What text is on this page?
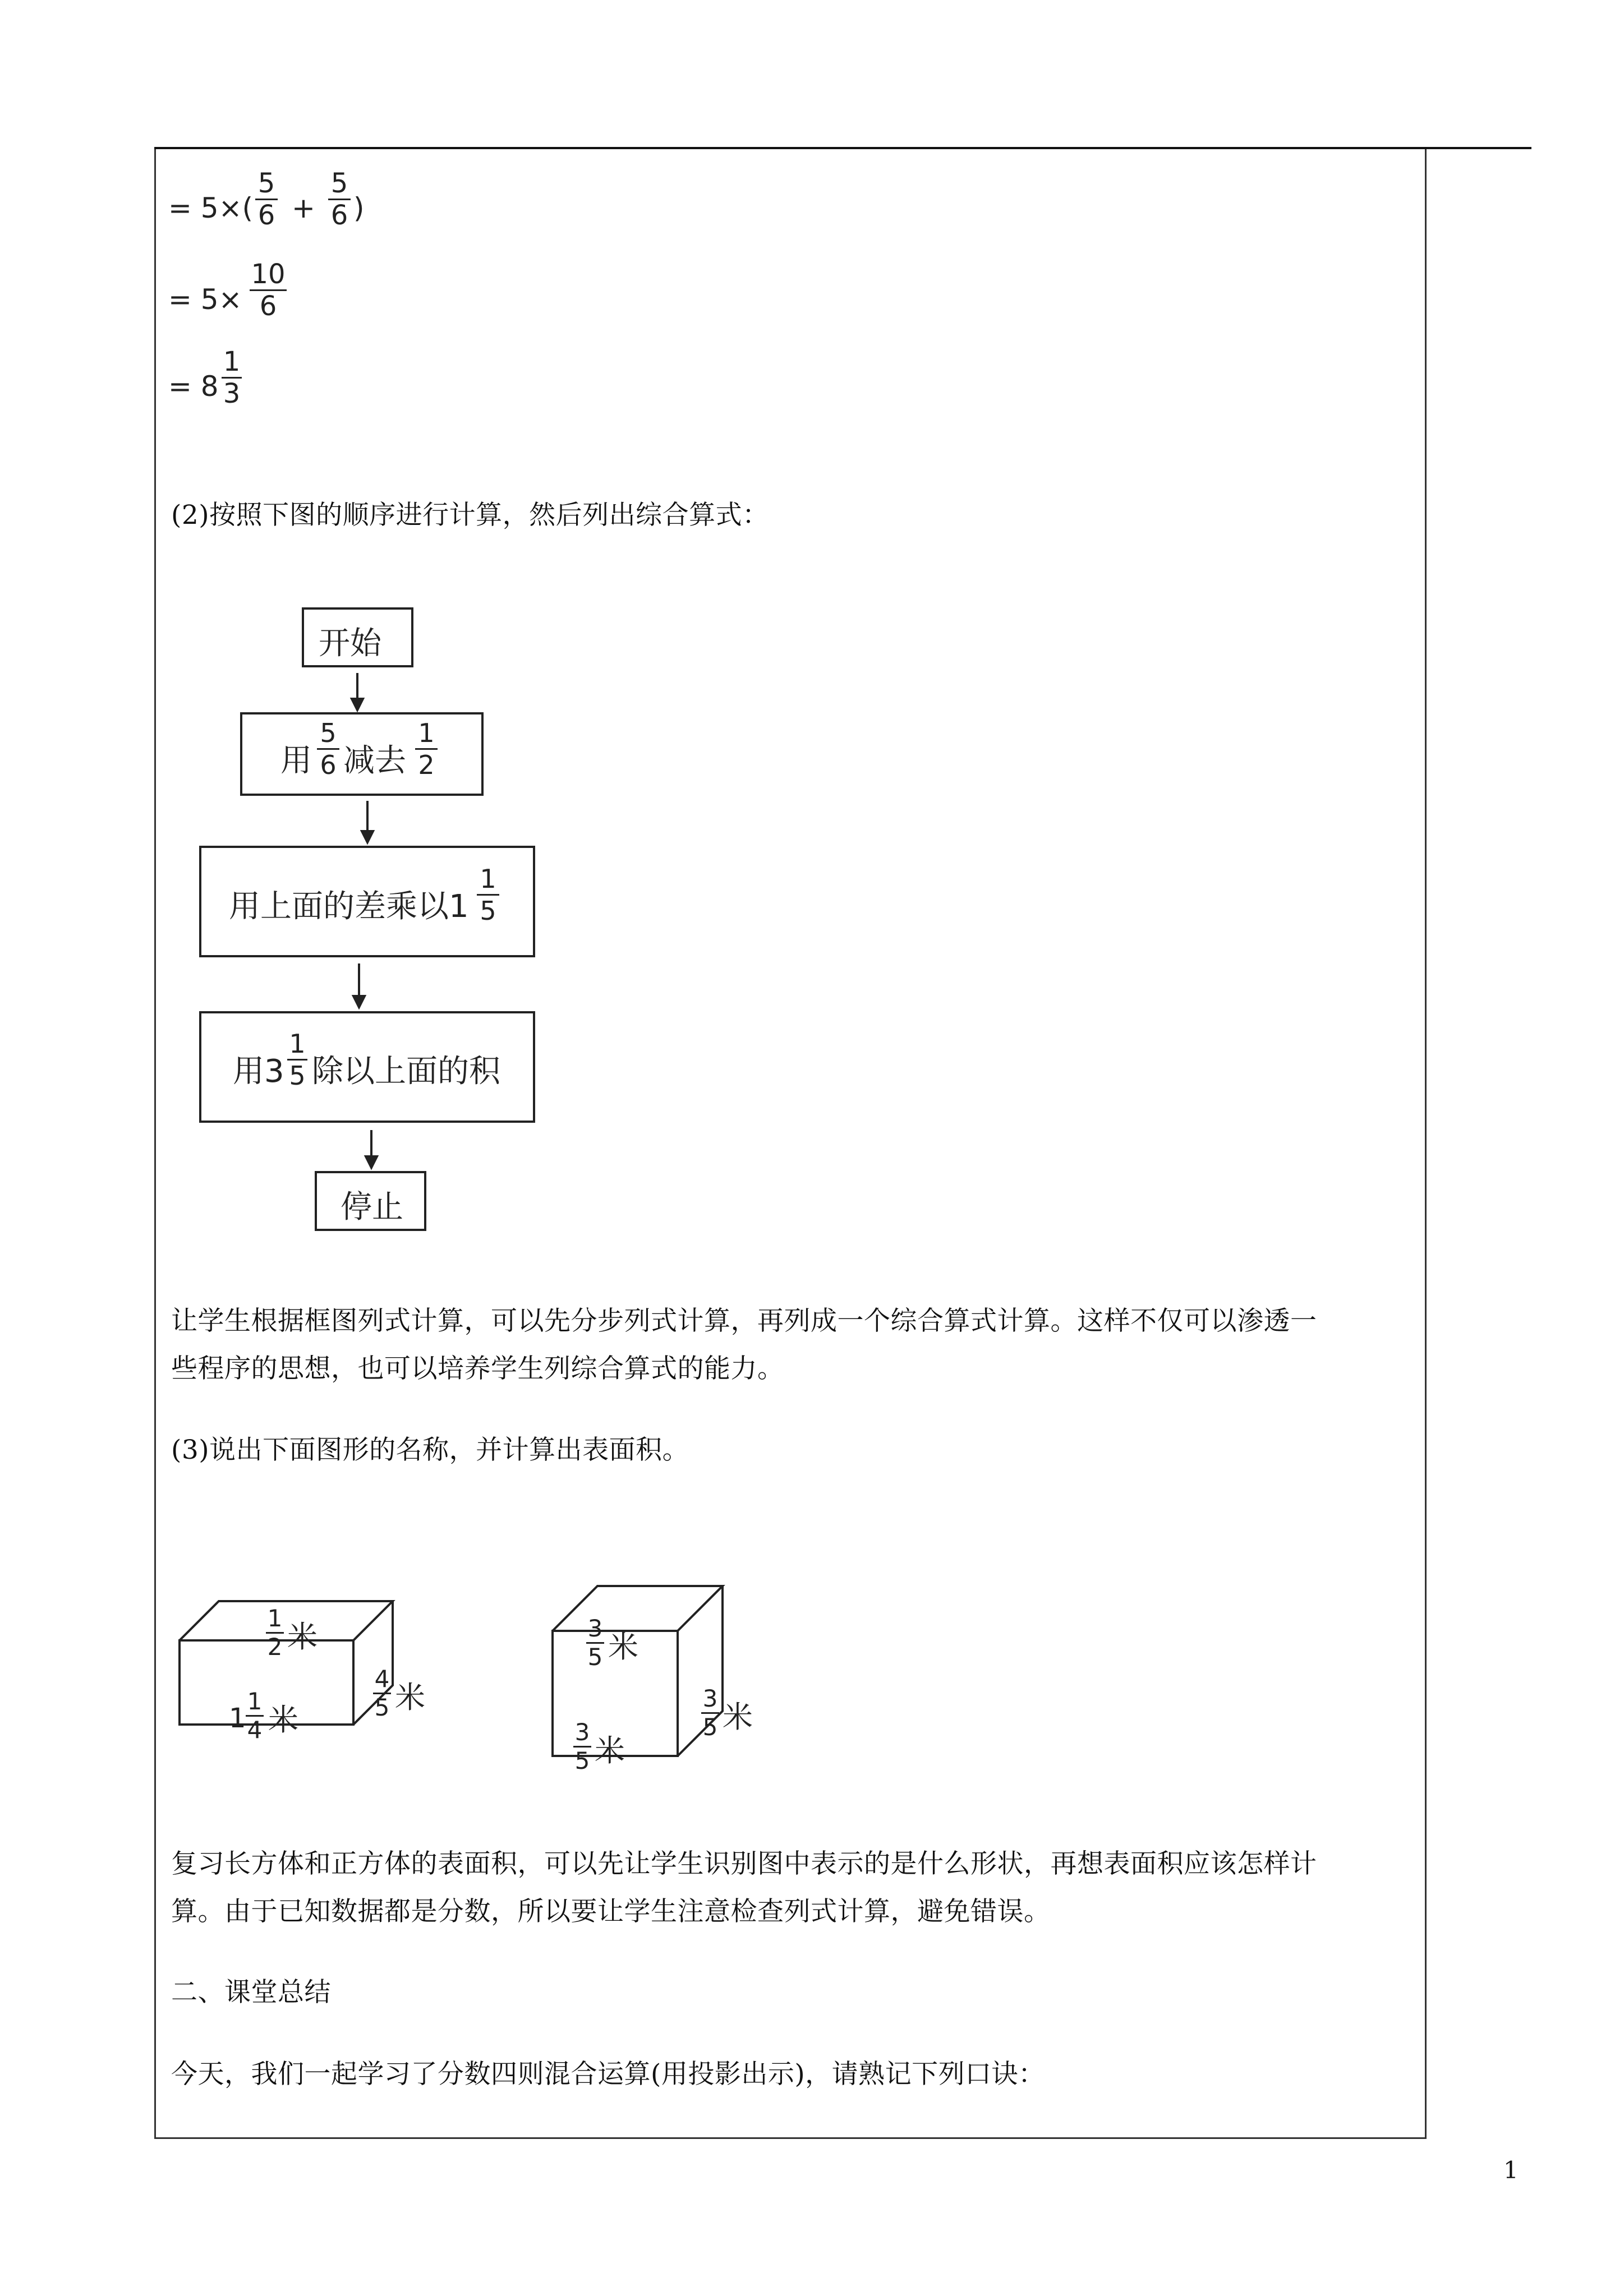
= 5×(
5
6 +
5
6 )
= 5×
10
6
= 8
1
3
(2)按照下图的顺序进行计算，然后列出综合算式：
开始
用
5
6 减去
1
2
用上面的差乘以1
1
5
用3
1
5 除以上面的积
停止
让学生根据框图列式计算，可以先分步列式计算，再列成一个综合算式计算。这样不仅可以渗透一
些程序的思想，也可以培养学生列综合算式的能力。
(3)说出下面图形的名称，并计算出表面积。
1
2 米
4
5 米
1
1
4 米
3
5 米
3
5 米
3
5 米
复习长方体和正方体的表面积，可以先让学生识别图中表示的是什么形状，再想表面积应该怎样计
算。由于已知数据都是分数，所以要让学生注意检查列式计算，避免错误。
二、课堂总结
今天，我们一起学习了分数四则混合运算(用投影出示)，请熟记下列口诀：
1
